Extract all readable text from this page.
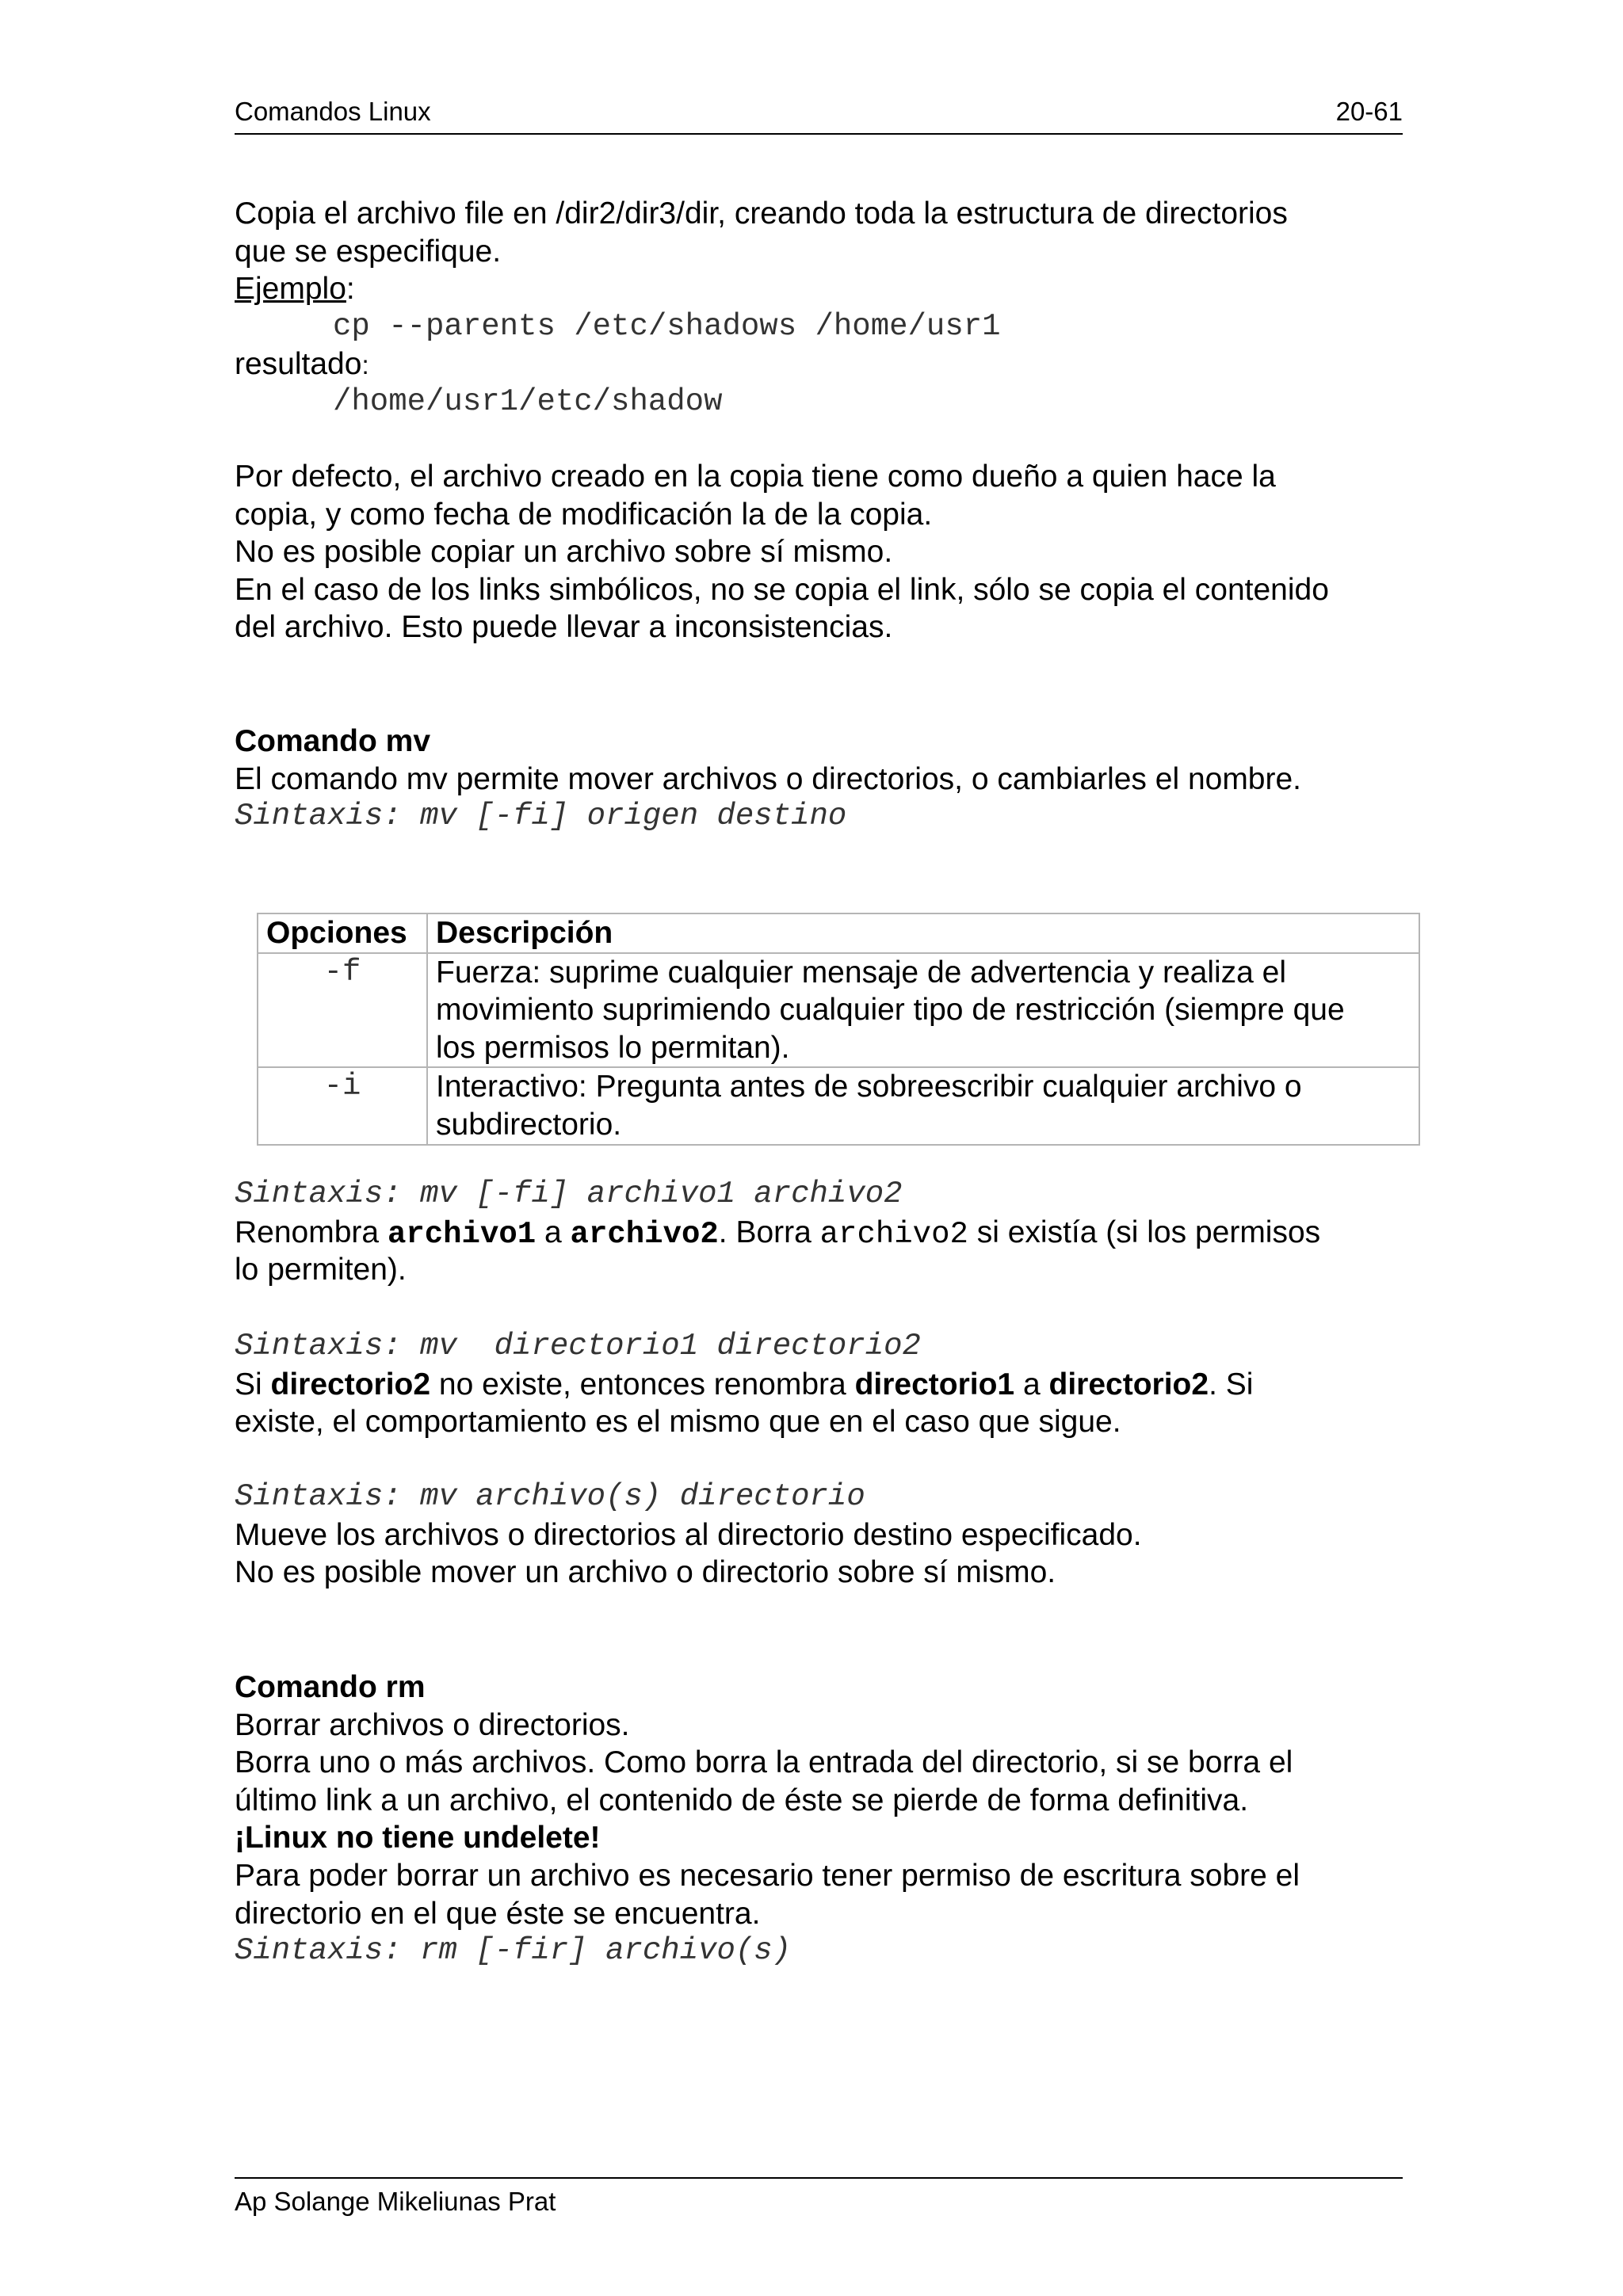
Comandos Linux	20-61
Copia el archivo file en /dir2/dir3/dir, creando toda la estructura de directorios
que se especifique.
Ejemplo:
cp --parents /etc/shadows /home/usr1
resultado:
/home/usr1/etc/shadow
Por defecto, el archivo creado en la copia tiene como dueño a quien hace la
copia, y como fecha de modificación la de la copia.
No es posible copiar un archivo sobre sí mismo.
En el caso de los links simbólicos, no se copia el link, sólo se copia el contenido
del archivo. Esto puede llevar a inconsistencias.
Comando mv
El comando mv permite mover archivos o directorios, o cambiarles el nombre.
Sintaxis: mv [-fi] origen destino
Opciones	Descripción
-f	Fuerza: suprime cualquier mensaje de advertencia y realiza el
movimiento suprimiendo cualquier tipo de restricción (siempre que
los permisos lo permitan).

-i	Interactivo: Pregunta antes de sobreescribir cualquier archivo o
subdirectorio.
Sintaxis: mv [-fi] archivo1 archivo2
Renombra archivo1 a archivo2. Borra archivo2 si existía (si los permisos
lo permiten).
Sintaxis: mv  directorio1 directorio2
Si directorio2 no existe, entonces renombra directorio1 a directorio2. Si
existe, el comportamiento es el mismo que en el caso que sigue.
Sintaxis: mv archivo(s) directorio
Mueve los archivos o directorios al directorio destino especificado.
No es posible mover un archivo o directorio sobre sí mismo.
Comando rm
Borrar archivos o directorios.
Borra uno o más archivos. Como borra la entrada del directorio, si se borra el
último link a un archivo, el contenido de éste se pierde de forma definitiva.
¡Linux no tiene undelete!
Para poder borrar un archivo es necesario tener permiso de escritura sobre el
directorio en el que éste se encuentra.
Sintaxis: rm [-fir] archivo(s)
Ap Solange Mikeliunas Prat
